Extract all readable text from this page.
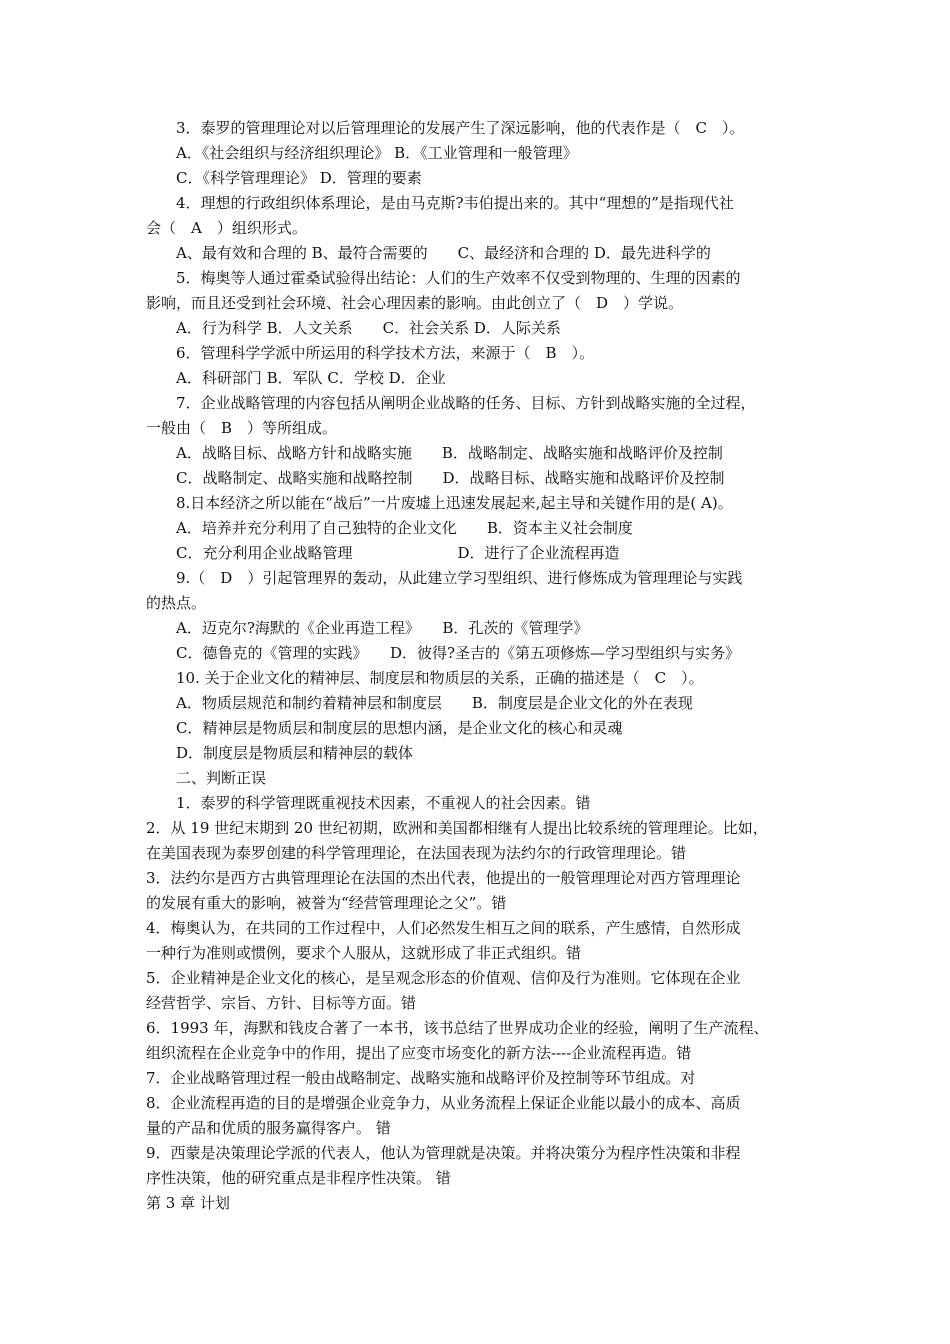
3．泰罗的管理理论对以后管理理论的发展产生了深远影响，他的代表作是（　C　）。
A．《社会组织与经济组织理论》 B．《工业管理和一般管理》
C．《科学管理理论》 D．管理的要素
4．理想的行政组织体系理论，是由马克斯?韦伯提出来的。其中“理想的”是指现代社
会（　A　）组织形式。
A、最有效和合理的 B、最符合需要的　　C、最经济和合理的 D．最先进科学的
5．梅奥等人通过霍桑试验得出结论：人们的生产效率不仅受到物理的、生理的因素的
影响，而且还受到社会环境、社会心理因素的影响。由此创立了（　D　）学说。
A．行为科学 B．人文关系　　C．社会关系 D．人际关系
6．管理科学学派中所运用的科学技术方法，来源于（　B　）。
A．科研部门 B．军队 C．学校 D．企业
7．企业战略管理的内容包括从阐明企业战略的任务、目标、方针到战略实施的全过程，
一般由（　B　）等所组成。
A．战略目标、战略方针和战略实施　　B．战略制定、战略实施和战略评价及控制
C．战略制定、战略实施和战略控制　　D．战略目标、战略实施和战略评价及控制
8.日本经济之所以能在“战后”一片废墟上迅速发展起来,起主导和关键作用的是( A)。
A．培养并充分利用了自己独特的企业文化　　B．资本主义社会制度
C．充分利用企业战略管理　　　　　　　D．进行了企业流程再造
9.（　D　）引起管理界的轰动，从此建立学习型组织、进行修炼成为管理理论与实践
的热点。
A．迈克尔?海默的《企业再造工程》　　B．孔茨的《管理学》
C．德鲁克的《管理的实践》　　D．彼得?圣吉的《第五项修炼—学习型组织与实务》
10. 关于企业文化的精神层、制度层和物质层的关系，正确的描述是（　C　）。
A．物质层规范和制约着精神层和制度层　　B．制度层是企业文化的外在表现
C．精神层是物质层和制度层的思想内涵，是企业文化的核心和灵魂
D．制度层是物质层和精神层的载体
二、判断正误
1．泰罗的科学管理既重视技术因素，不重视人的社会因素。错
2．从 19 世纪末期到 20 世纪初期，欧洲和美国都相继有人提出比较系统的管理理论。比如，
在美国表现为泰罗创建的科学管理理论，在法国表现为法约尔的行政管理理论。错
3．法约尔是西方古典管理理论在法国的杰出代表，他提出的一般管理理论对西方管理理论
的发展有重大的影响，被誉为“经营管理理论之父”。错
4．梅奥认为，在共同的工作过程中，人们必然发生相互之间的联系，产生感情，自然形成
一种行为准则或惯例，要求个人服从，这就形成了非正式组织。错
5．企业精神是企业文化的核心，是呈观念形态的价值观、信仰及行为准则。它体现在企业
经营哲学、宗旨、方针、目标等方面。错
6．1993 年，海默和钱皮合著了一本书，该书总结了世界成功企业的经验，阐明了生产流程、
组织流程在企业竞争中的作用，提出了应变市场变化的新方法----企业流程再造。错
7．企业战略管理过程一般由战略制定、战略实施和战略评价及控制等环节组成。对
8．企业流程再造的目的是增强企业竞争力，从业务流程上保证企业能以最小的成本、高质
量的产品和优质的服务赢得客户。 错
9．西蒙是决策理论学派的代表人，他认为管理就是决策。并将决策分为程序性决策和非程
序性决策，他的研究重点是非程序性决策。 错
第 3 章 计划
